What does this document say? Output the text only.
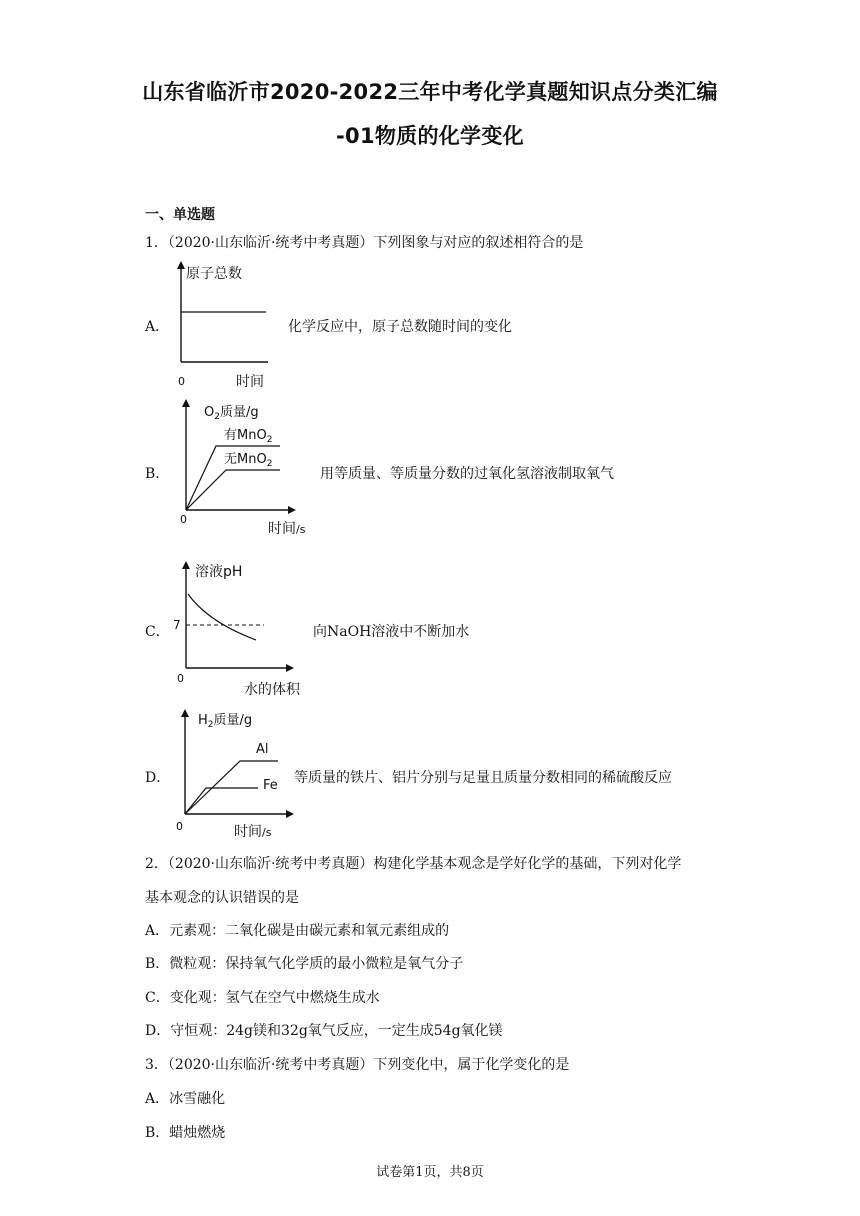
山东省临沂市2020-2022三年中考化学真题知识点分类汇编
-01物质的化学变化
一、单选题
1．（2020·山东临沂·统考中考真题）下列图象与对应的叙述相符合的是
A．
原子总数
0	时间
化学反应中，原子总数随时间的变化
B．
$O_2$质量/g
有MnO$_2$
无MnO$_2$
0
时间/s
用等质量、等质量分数的过氧化氢溶液制取氧气
C．
溶液pH
7
0
水的体积
向NaOH溶液中不断加水
D．
$H_2$质量/g
Al
Fe
0	时间/s
等质量的铁片、铝片分别与足量且质量分数相同的稀硫酸反应
2．（2020·山东临沂·统考中考真题）构建化学基本观念是学好化学的基础，下列对化学
基本观念的认识错误的是
A．元素观：二氧化碳是由碳元素和氧元素组成的
B．微粒观：保持氧气化学质的最小微粒是氧气分子
C．变化观：氢气在空气中燃烧生成水
D．守恒观：24g镁和32g氧气反应，一定生成54g氧化镁
3．（2020·山东临沂·统考中考真题）下列变化中，属于化学变化的是
A．冰雪融化
B．蜡烛燃烧
试卷第1页，共8页
